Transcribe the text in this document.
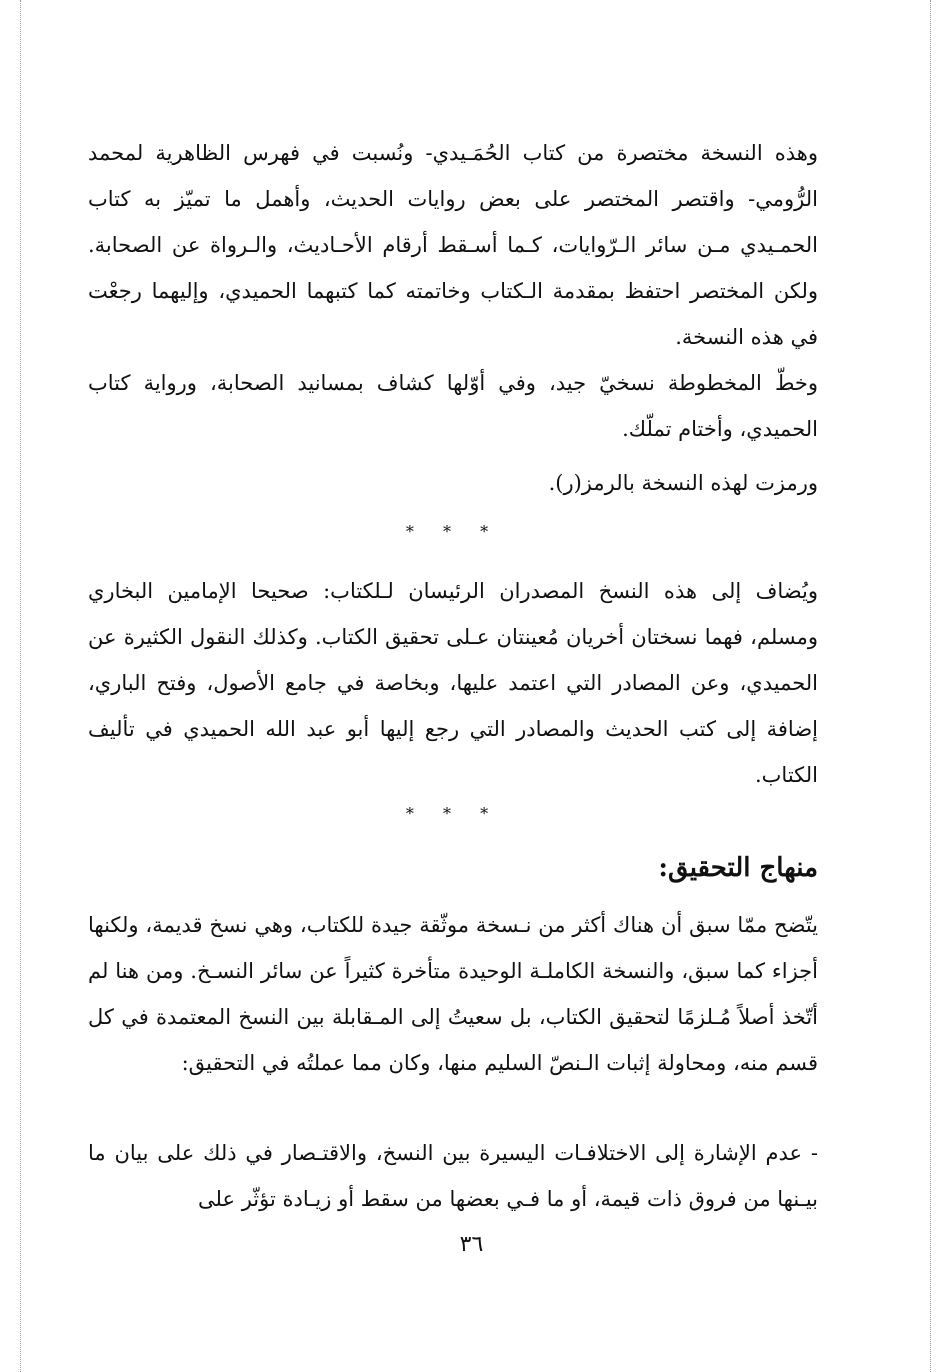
وهذه النسخة مختصرة من كتاب الحُمَـيدي- ونُسبت في فهرس الظاهرية لمحمد الرُّومي- واقتصر المختصر على بعض روايات الحديث، وأهمل ما تميّز به كتاب الحمـيدي مـن سائر الـرّوايات، كـما أسـقط أرقام الأحـاديث، والـرواة عن الصحابة. ولكن المختصر احتفظ بمقدمة الـكتاب وخاتمته كما كتبهما الحميدي، وإليهما رجعْت في هذه النسخة.

وخطّ المخطوطة نسخيّ جيد، وفي أوّلها كشاف بمسانيد الصحابة، ورواية كتاب الحميدي، وأختام تملّك.

ورمزت لهذه النسخة بالرمز(ر).

* * *

ويُضاف إلى هذه النسخ المصدران الرئيسان لـلكتاب: صحيحا الإمامين البخاري ومسلم، فهما نسختان أخريان مُعينتان عـلى تحقيق الكتاب. وكذلك النقول الكثيرة عن الحميدي، وعن المصادر التي اعتمد عليها، وبخاصة في جامع الأصول، وفتح الباري، إضافة إلى كتب الحديث والمصادر التي رجع إليها أبو عبد الله الحميدي في تأليف الكتاب.

* * *
منهاج التحقيق:

يتّضح ممّا سبق أن هناك أكثر من نـسخة موثّقة جيدة للكتاب، وهي نسخ قديمة، ولكنها أجزاء كما سبق، والنسخة الكاملـة الوحيدة متأخرة كثيراً عن سائر النسـخ. ومن هنا لم أتّخذ أصلاً مُـلزمًا لتحقيق الكتاب، بل سعيتُ إلى المـقابلة بين النسخ المعتمدة في كل قسم منه، ومحاولة إثبات الـنصّ السليم منها، وكان مما عملتُه في التحقيق:

- عدم الإشارة إلى الاختلافـات اليسيرة بين النسخ، والاقتـصار في ذلك على بيان ما بيـنها من فروق ذات قيمة، أو ما فـي بعضها من سقط أو زيـادة تؤثّر على

٣٦
